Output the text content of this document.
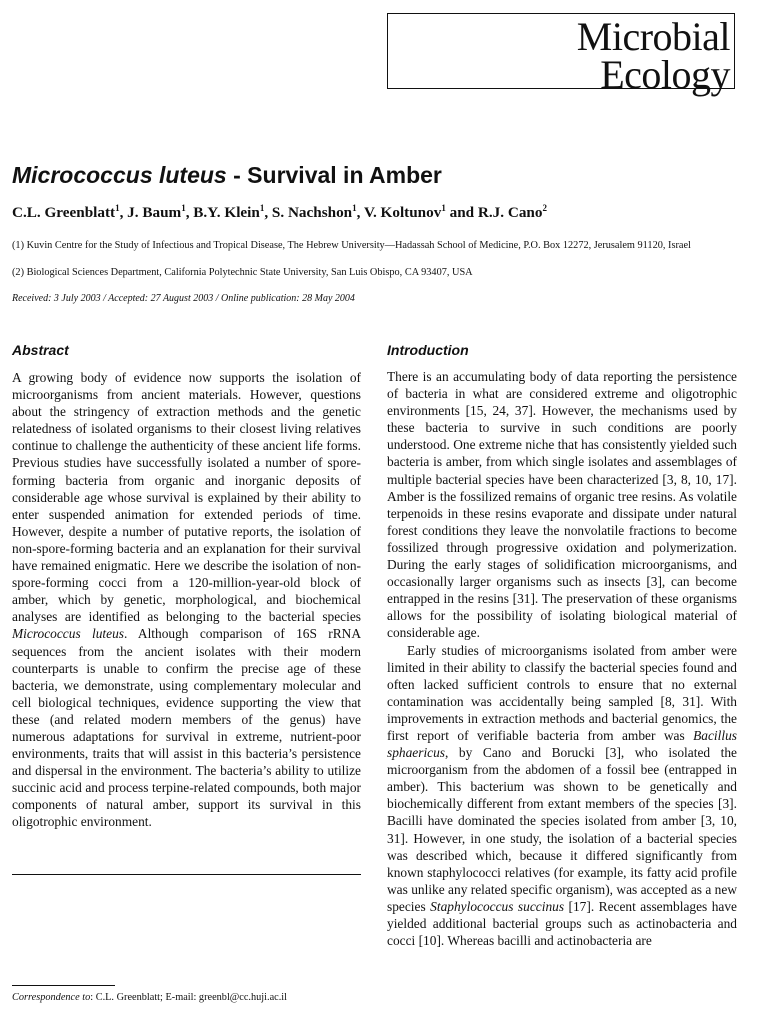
Microbial
Ecology
Micrococcus luteus - Survival in Amber
C.L. Greenblatt$^1$, J. Baum$^1$, B.Y. Klein$^1$, S. Nachshon$^1$, V. Koltunov$^1$ and R.J. Cano$^2$
(1) Kuvin Centre for the Study of Infectious and Tropical Disease, The Hebrew University—Hadassah School of Medicine, P.O. Box 12272, Jerusalem 91120, Israel
(2) Biological Sciences Department, California Polytechnic State University, San Luis Obispo, CA 93407, USA
Received: 3 July 2003 / Accepted: 27 August 2003 / Online publication: 28 May 2004
Abstract

A growing body of evidence now supports the isolation of microorganisms from ancient materials. However, questions about the stringency of extraction methods and the genetic relatedness of isolated organisms to their closest living relatives continue to challenge the authenticity of these ancient life forms. Previous studies have successfully isolated a number of spore-forming bacteria from organic and inorganic deposits of considerable age whose survival is explained by their ability to enter suspended animation for extended periods of time. However, despite a number of putative reports, the isolation of non-spore-forming bacteria and an explanation for their survival have remained enigmatic. Here we describe the isolation of non-spore-forming cocci from a 120-million-year-old block of amber, which by genetic, morphological, and biochemical analyses are identified as belonging to the bacterial species Micrococcus luteus. Although comparison of 16S rRNA sequences from the ancient isolates with their modern counterparts is unable to confirm the precise age of these bacteria, we demonstrate, using complementary molecular and cell biological techniques, evidence supporting the view that these (and related modern members of the genus) have numerous adaptations for survival in extreme, nutrient-poor environments, traits that will assist in this bacteria’s persistence and dispersal in the environment. The bacteria’s ability to utilize succinic acid and process terpine-related compounds, both major components of natural amber, support its survival in this oligotrophic environment.

Introduction

There is an accumulating body of data reporting the persistence of bacteria in what are considered extreme and oligotrophic environments [15, 24, 37]. However, the mechanisms used by these bacteria to survive in such conditions are poorly understood. One extreme niche that has consistently yielded such bacteria is amber, from which single isolates and assemblages of multiple bacterial species have been characterized [3, 8, 10, 17]. Amber is the fossilized remains of organic tree resins. As volatile terpenoids in these resins evaporate and dissipate under natural forest conditions they leave the nonvolatile fractions to become fossilized through progressive oxidation and polymerization. During the early stages of solidification microorganisms, and occasionally larger organisms such as insects [3], can become entrapped in the resins [31]. The preservation of these organisms allows for the possibility of isolating biological material of considerable age.

Early studies of microorganisms isolated from amber were limited in their ability to classify the bacterial species found and often lacked sufficient controls to ensure that no external contamination was accidentally being sampled [8, 31]. With improvements in extraction methods and bacterial genomics, the first report of verifiable bacteria from amber was Bacillus sphaericus, by Cano and Borucki [3], who isolated the microorganism from the abdomen of a fossil bee (entrapped in amber). This bacterium was shown to be genetically and biochemically different from extant members of the species [3]. Bacilli have dominated the species isolated from amber [3, 10, 31]. However, in one study, the isolation of a bacterial species was described which, because it differed significantly from known staphylococci relatives (for example, its fatty acid profile was unlike any related specific organism), was accepted as a new species Staphylococcus succinus [17]. Recent assemblages have yielded additional bacterial groups such as actinobacteria and cocci [10]. Whereas bacilli and actinobacteria are

Correspondence to: C.L. Greenblatt; E-mail: greenbl@cc.huji.ac.il
